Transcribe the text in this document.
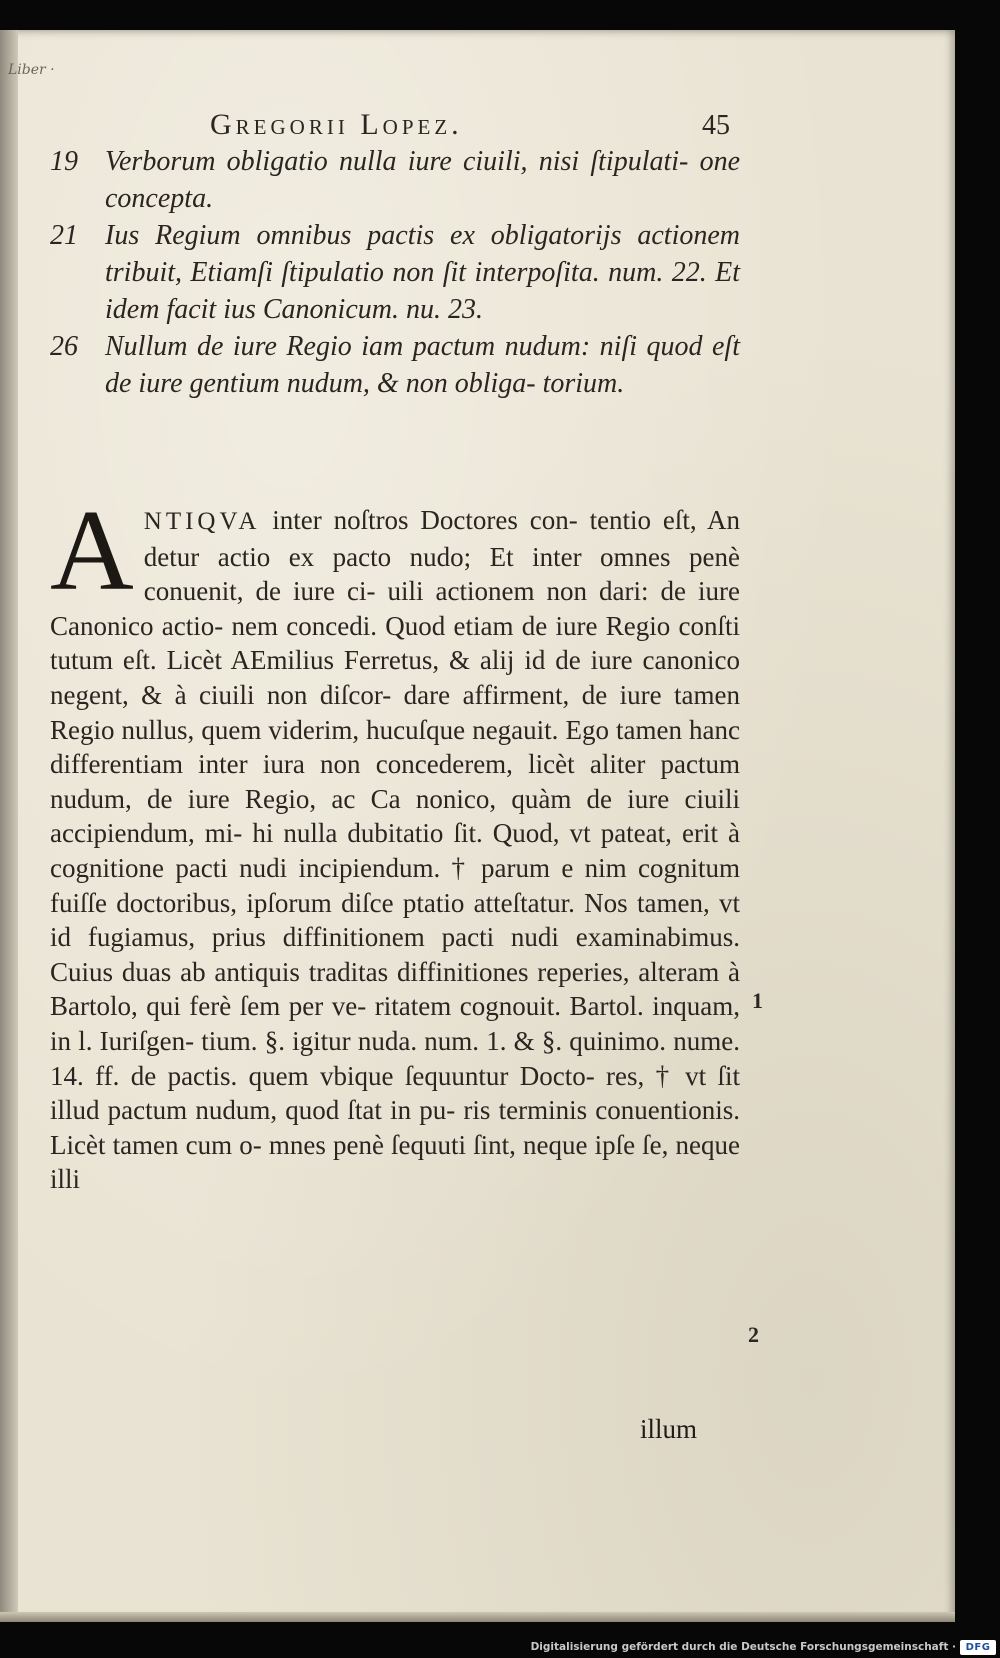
Liber ·
Gregorii Lopez.	45
19 Verborum obligatio nulla iure ciuili, nisi ſtipulati- one concepta.
21 Ius Regium omnibus pactis ex obligatorijs actionem tribuit, Etiamſi ſtipulatio non ſit interpoſita. num. 22. Et idem facit ius Canonicum. nu. 23.
26 Nullum de iure Regio iam pactum nudum: niſi quod eſt de iure gentium nudum, & non obliga- torium.

ANTIQVA inter noſtros Doctores con- tentio eſt, An detur actio ex pacto nudo; Et inter omnes penè conuenit, de iure ci- uili actionem non dari: de iure Canonico actio- nem concedi. Quod etiam de iure Regio conſti tutum eſt. Licèt AEmilius Ferretus, & alij id de iure canonico negent, & à ciuili non diſcor- dare affirment, de iure tamen Regio nullus, quem viderim, hucuſque negauit. Ego tamen hanc differentiam inter iura non concederem, licèt aliter pactum nudum, de iure Regio, ac Ca nonico, quàm de iure ciuili accipiendum, mi- hi nulla dubitatio ſit. Quod, vt pateat, erit à cognitione pacti nudi incipiendum. † parum e nim cognitum fuiſſe doctoribus, ipſorum diſce ptatio atteſtatur. Nos tamen, vt id fugiamus, prius diffinitionem pacti nudi examinabimus. Cuius duas ab antiquis traditas diffinitiones reperies, alteram à Bartolo, qui ferè ſem per ve- ritatem cognouit. Bartol. inquam, in l. Iuriſgen- tium. §. igitur nuda. num. 1. & §. quinimo. nume. 14. ff. de pactis. quem vbique ſequuntur Docto- res, † vt ſit illud pactum nudum, quod ſtat in pu- ris terminis conuentionis. Licèt tamen cum o- mnes penè ſequuti ſint, neque ipſe ſe, neque illi

1
2
illum
Digitalisierung gefördert durch die Deutsche Forschungsgemeinschaft · DFG
